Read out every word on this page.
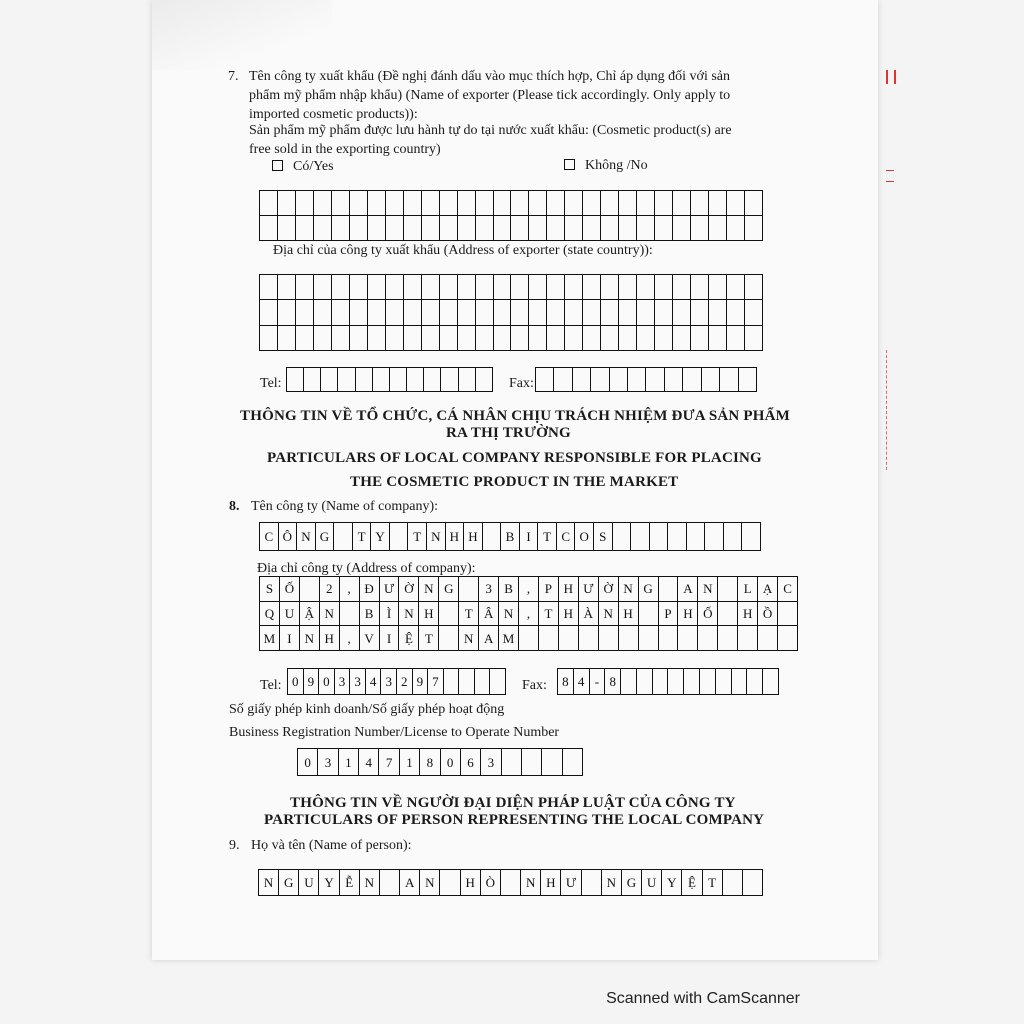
7. Tên công ty xuất khẩu (Đề nghị đánh dấu vào mục thích hợp, Chỉ áp dụng đối với sản
phẩm mỹ phẩm nhập khẩu) (Name of exporter (Please tick accordingly. Only apply to
imported cosmetic products)):
Sản phẩm mỹ phẩm được lưu hành tự do tại nước xuất khẩu: (Cosmetic product(s) are
free sold in the exporting country)
Có/Yes	Không /No
Địa chỉ của công ty xuất khẩu (Address of exporter (state country)):
Tel:	Fax:
THÔNG TIN VỀ TỔ CHỨC, CÁ NHÂN CHỊU TRÁCH NHIỆM ĐƯA SẢN PHẨM
RA THỊ TRƯỜNG
PARTICULARS OF LOCAL COMPANY RESPONSIBLE FOR PLACING
THE COSMETIC PRODUCT IN THE MARKET
8. Tên công ty (Name of company):
C Ô N G	T Y	T N H H	B I T C O S
Địa chỉ công ty (Address of company):
S Ố	2	,	Đ Ư Ờ N G	3 B	,	P H Ư Ờ N G	A N	L Ạ C
Q U Ậ N	B	Ì	N H	T Â N	,	T H À N H	P H Ố	H Ồ
M I	N H	,	V	I	Ệ T	N A M
Tel: 0 9 0 3 3 4 3 2 9 7	Fax:	8 4 - 8
Số giấy phép kinh doanh/Số giấy phép hoạt động
Business Registration Number/License to Operate Number
0	3	1	4	7	1	8	0	6	3
THÔNG TIN VỀ NGƯỜI ĐẠI DIỆN PHÁP LUẬT CỦA CÔNG TY
PARTICULARS OF PERSON REPRESENTING THE LOCAL COMPANY
9. Họ và tên (Name of person):
N G U Y Ễ N	A N	H Ò	N H Ư	N G U Y Ệ T
Scanned with CamScanner
